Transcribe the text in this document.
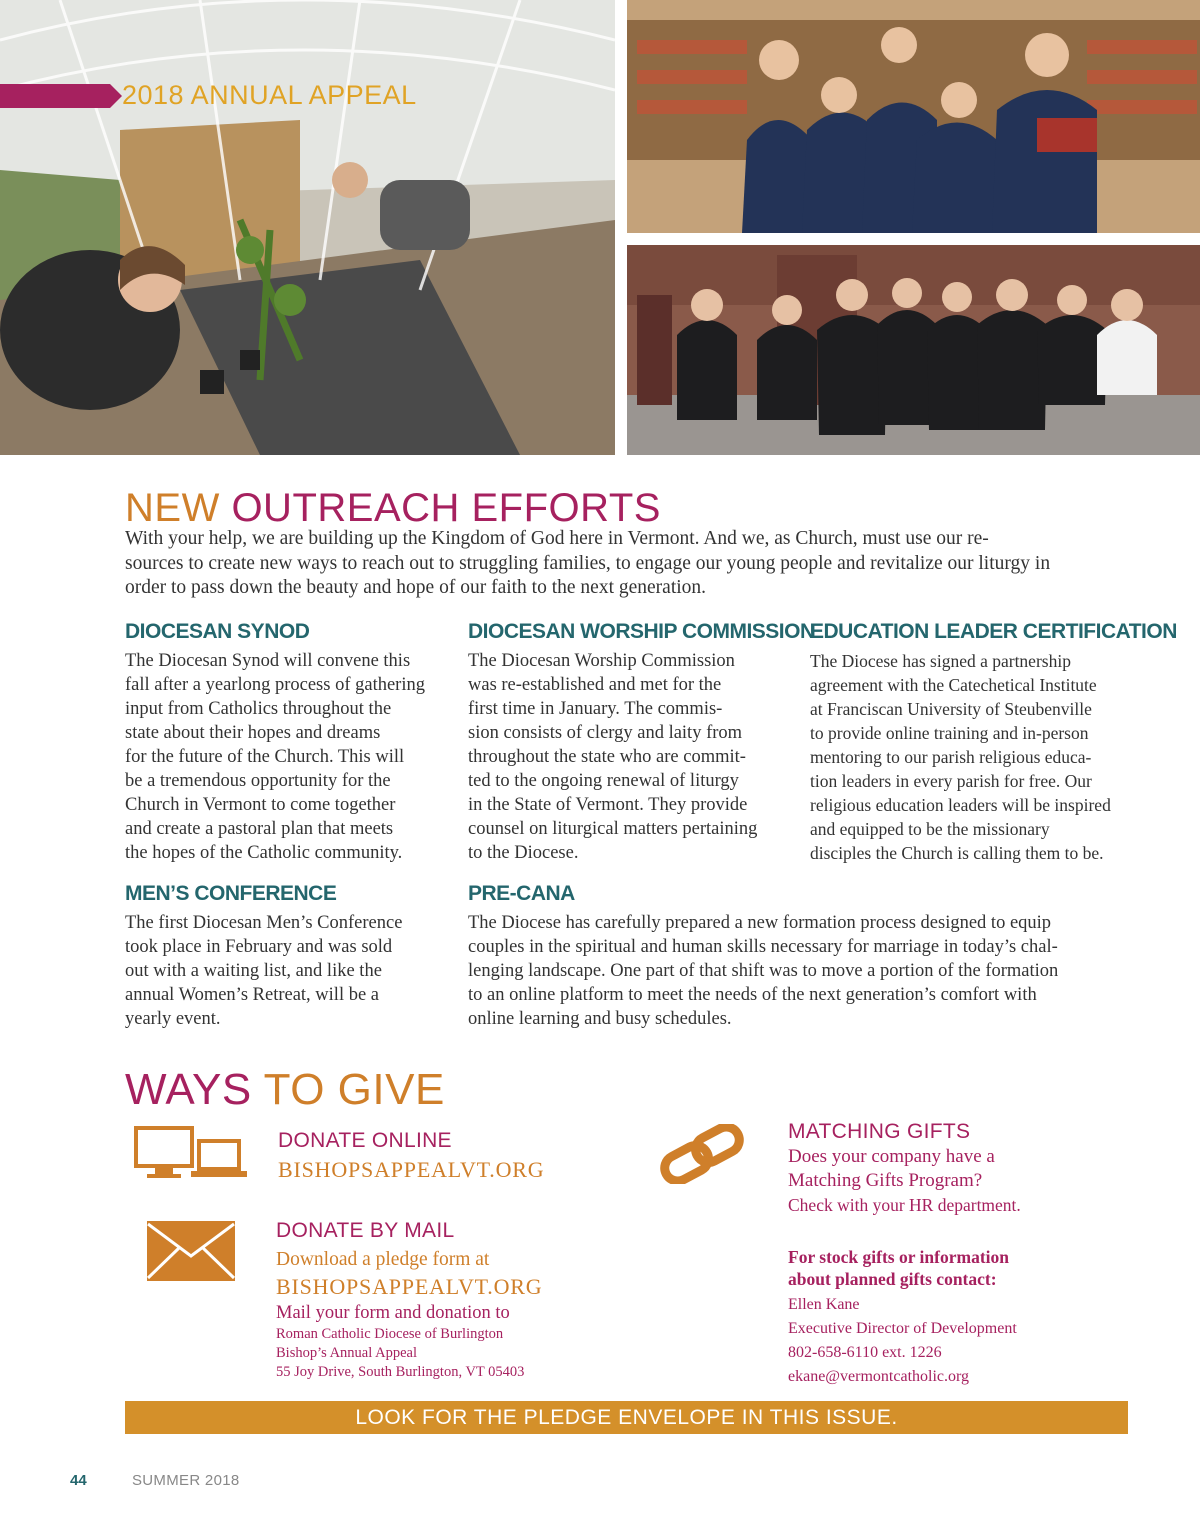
2018 ANNUAL APPEAL
NEW OUTREACH EFFORTS
With your help, we are building up the Kingdom of God here in Vermont. And we, as Church, must use our re-
sources to create new ways to reach out to struggling families, to engage our young people and revitalize our liturgy in
order to pass down the beauty and hope of our faith to the next generation.
DIOCESAN SYNOD
The Diocesan Synod will convene this
fall after a yearlong process of gathering
input from Catholics throughout the
state about their hopes and dreams
for the future of the Church. This will
be a tremendous opportunity for the
Church in Vermont to come together
and create a pastoral plan that meets
the hopes of the Catholic community.
DIOCESAN WORSHIP COMMISSION
The Diocesan Worship Commission
was re-established and met for the
first time in January. The commis-
sion consists of clergy and laity from
throughout the state who are commit-
ted to the ongoing renewal of liturgy
in the State of Vermont. They provide
counsel on liturgical matters pertaining
to the Diocese.
EDUCATION LEADER CERTIFICATION
The Diocese has signed a partnership
agreement with the Catechetical Institute
at Franciscan University of Steubenville
to provide online training and in-person
mentoring to our parish religious educa-
tion leaders in every parish for free. Our
religious education leaders will be inspired
and equipped to be the missionary
disciples the Church is calling them to be.
MEN’S CONFERENCE
The first Diocesan Men’s Conference
took place in February and was sold
out with a waiting list, and like the
annual Women’s Retreat, will be a
yearly event.
PRE-CANA
The Diocese has carefully prepared a new formation process designed to equip
couples in the spiritual and human skills necessary for marriage in today’s chal-
lenging landscape. One part of that shift was to move a portion of the formation
to an online platform to meet the needs of the next generation’s comfort with
online learning and busy schedules.
WAYS TO GIVE
DONATE ONLINE
BISHOPSAPPEALVT.ORG
DONATE BY MAIL
Download a pledge form at
BISHOPSAPPEALVT.ORG
Mail your form and donation to
Roman Catholic Diocese of Burlington
Bishop’s Annual Appeal
55 Joy Drive, South Burlington, VT 05403
MATCHING GIFTS
Does your company have a
Matching Gifts Program?
Check with your HR department.
For stock gifts or information
about planned gifts contact:
Ellen Kane
Executive Director of Development
802-658-6110 ext. 1226
ekane@vermontcatholic.org
LOOK FOR THE PLEDGE ENVELOPE IN THIS ISSUE.
44	SUMMER 2018
